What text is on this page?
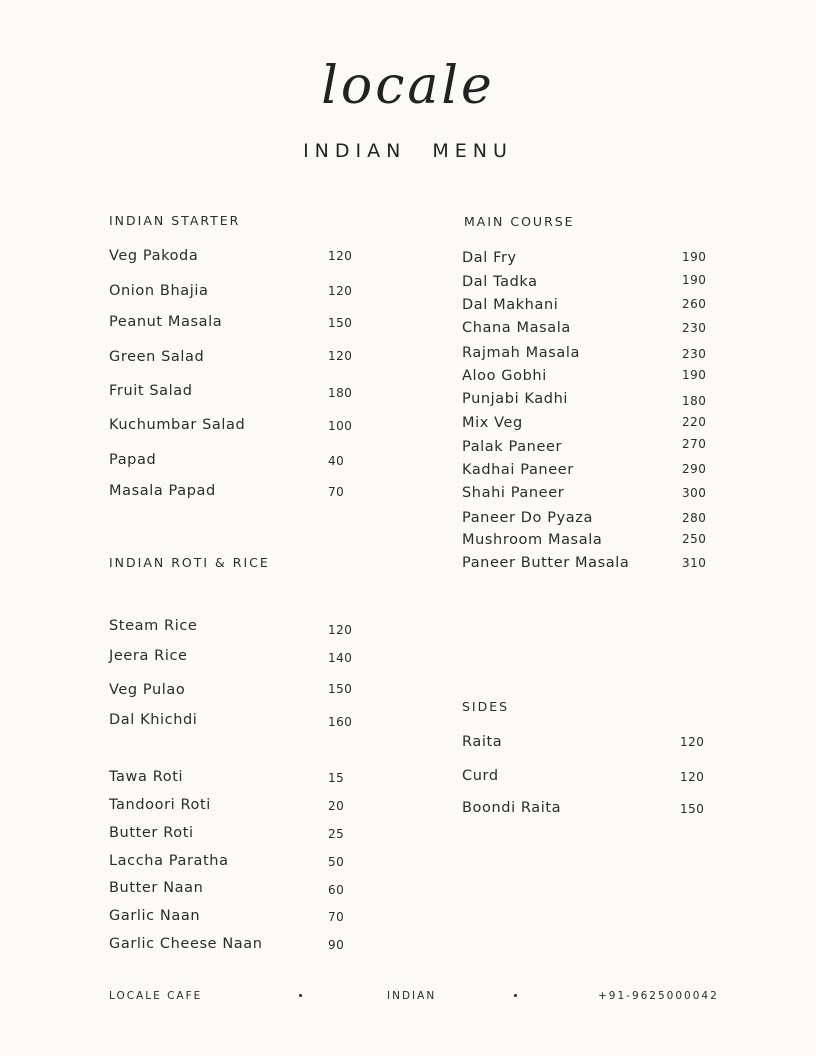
locale
INDIAN MENU
INDIAN STARTER
INDIAN ROTI & RICE
MAIN COURSE
SIDES
Veg Pakoda	120
Onion Bhajia	120
Peanut Masala	150
Green Salad	120
Fruit Salad	180
Kuchumbar Salad	100
Papad	40
Masala Papad	70
Steam Rice	120
Jeera Rice	140
Veg Pulao	150
Dal Khichdi	160
Tawa Roti	15
Tandoori Roti	20
Butter Roti	25
Laccha Paratha	50
Butter Naan	60
Garlic Naan	70
Garlic Cheese Naan	90
Dal Fry	190
Dal Tadka	190
Dal Makhani	260
Chana Masala	230
Rajmah Masala	230
Aloo Gobhi	190
Punjabi Kadhi	180
Mix Veg	220
Palak Paneer	270
Kadhai Paneer	290
Shahi Paneer	300
Paneer Do Pyaza	280
Mushroom Masala	250
Paneer Butter Masala	310
Raita	120
Curd	120
Boondi Raita	150
LOCALE CAFE	INDIAN	+91-9625000042
